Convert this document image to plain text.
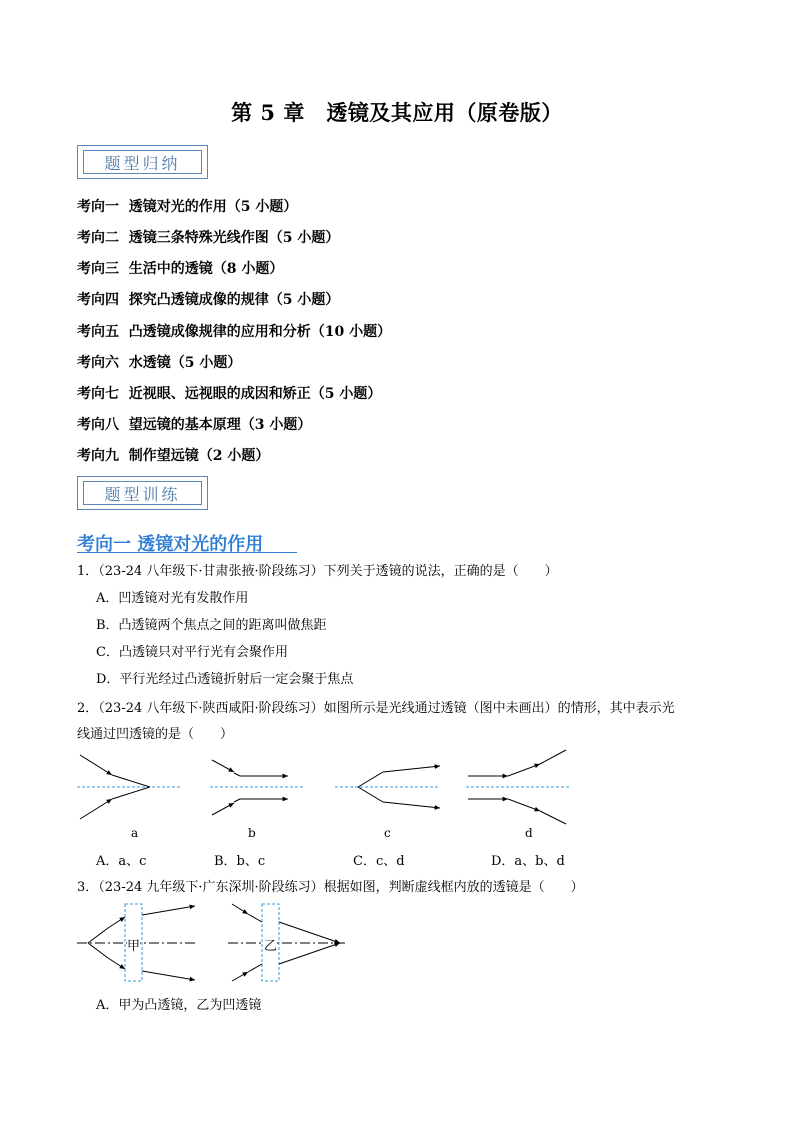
第 5 章　透镜及其应用（原卷版）
题型归纳
考向一 透镜对光的作用（5 小题）
考向二 透镜三条特殊光线作图（5 小题）
考向三 生活中的透镜（8 小题）
考向四 探究凸透镜成像的规律（5 小题）
考向五 凸透镜成像规律的应用和分析（10 小题）
考向六 水透镜（5 小题）
考向七 近视眼、远视眼的成因和矫正（5 小题）
考向八 望远镜的基本原理（3 小题）
考向九 制作望远镜（2 小题）
题型训练
考向一 透镜对光的作用
1．（23-24 八年级下·甘肃张掖·阶段练习）下列关于透镜的说法，正确的是（　　）
A．凹透镜对光有发散作用
B．凸透镜两个焦点之间的距离叫做焦距
C．凸透镜只对平行光有会聚作用
D．平行光经过凸透镜折射后一定会聚于焦点
2．（23-24 八年级下·陕西咸阳·阶段练习）如图所示是光线通过透镜（图中未画出）的情形，其中表示光
线通过凹透镜的是（　　）
a	b	c	d
A．a、c	B．b、c	C．c、d	D．a、b、d
3．（23-24 九年级下·广东深圳·阶段练习）根据如图，判断虚线框内放的透镜是（　　）
甲	乙
A．甲为凸透镜，乙为凹透镜
